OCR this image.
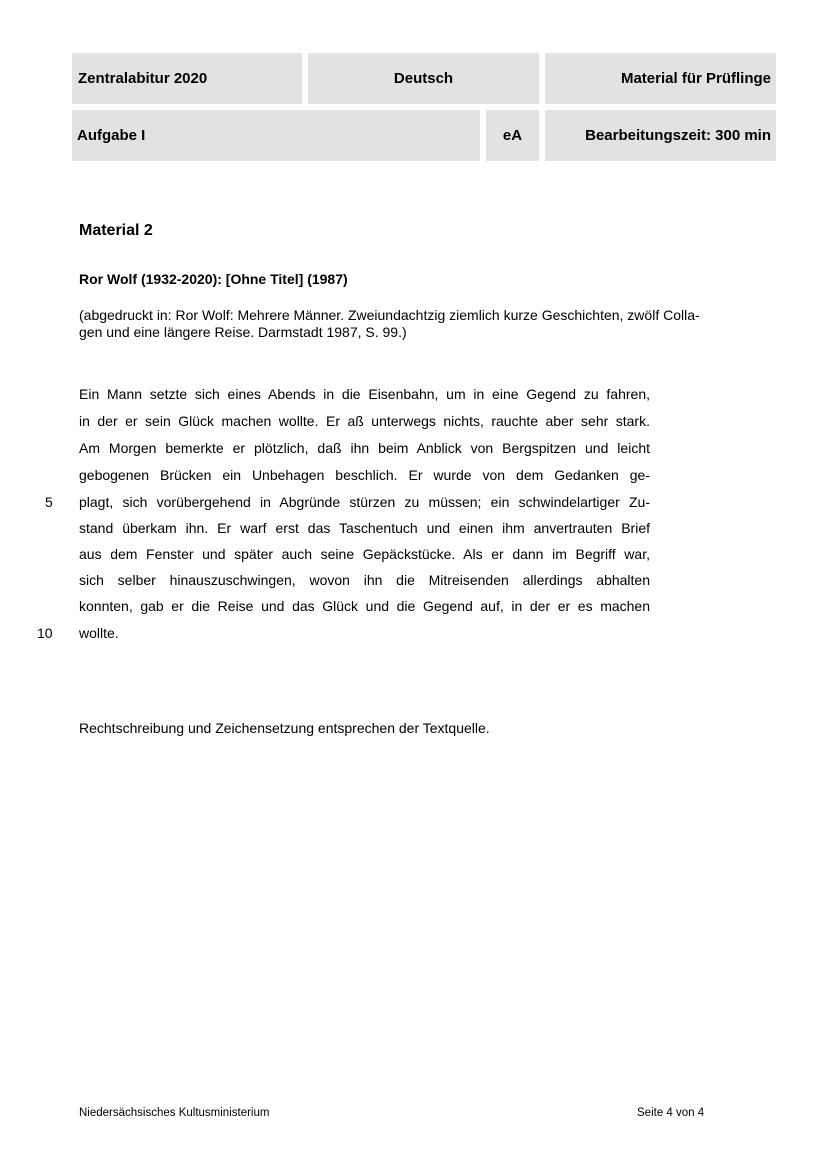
Zentralabitur 2020	Deutsch	Material für Prüflinge
Aufgabe I	eA	Bearbeitungszeit: 300 min
Material 2
Ror Wolf (1932-2020): [Ohne Titel] (1987)
(abgedruckt in: Ror Wolf: Mehrere Männer. Zweiundachtzig ziemlich kurze Geschichten, zwölf Colla-
gen und eine längere Reise. Darmstadt 1987, S. 99.)
Ein Mann setzte sich eines Abends in die Eisenbahn, um in eine Gegend zu fahren,
in der er sein Glück machen wollte. Er aß unterwegs nichts, rauchte aber sehr stark.
Am Morgen bemerkte er plötzlich, daß ihn beim Anblick von Bergspitzen und leicht
gebogenen Brücken ein Unbehagen beschlich. Er wurde von dem Gedanken ge-
plagt, sich vorübergehend in Abgründe stürzen zu müssen; ein schwindelartiger Zu-
stand überkam ihn. Er warf erst das Taschentuch und einen ihm anvertrauten Brief
aus dem Fenster und später auch seine Gepäckstücke. Als er dann im Begriff war,
sich selber hinauszuschwingen, wovon ihn die Mitreisenden allerdings abhalten
konnten, gab er die Reise und das Glück und die Gegend auf, in der er es machen
wollte.
5
10
Rechtschreibung und Zeichensetzung entsprechen der Textquelle.
Niedersächsisches Kultusministerium	Seite 4 von 4
